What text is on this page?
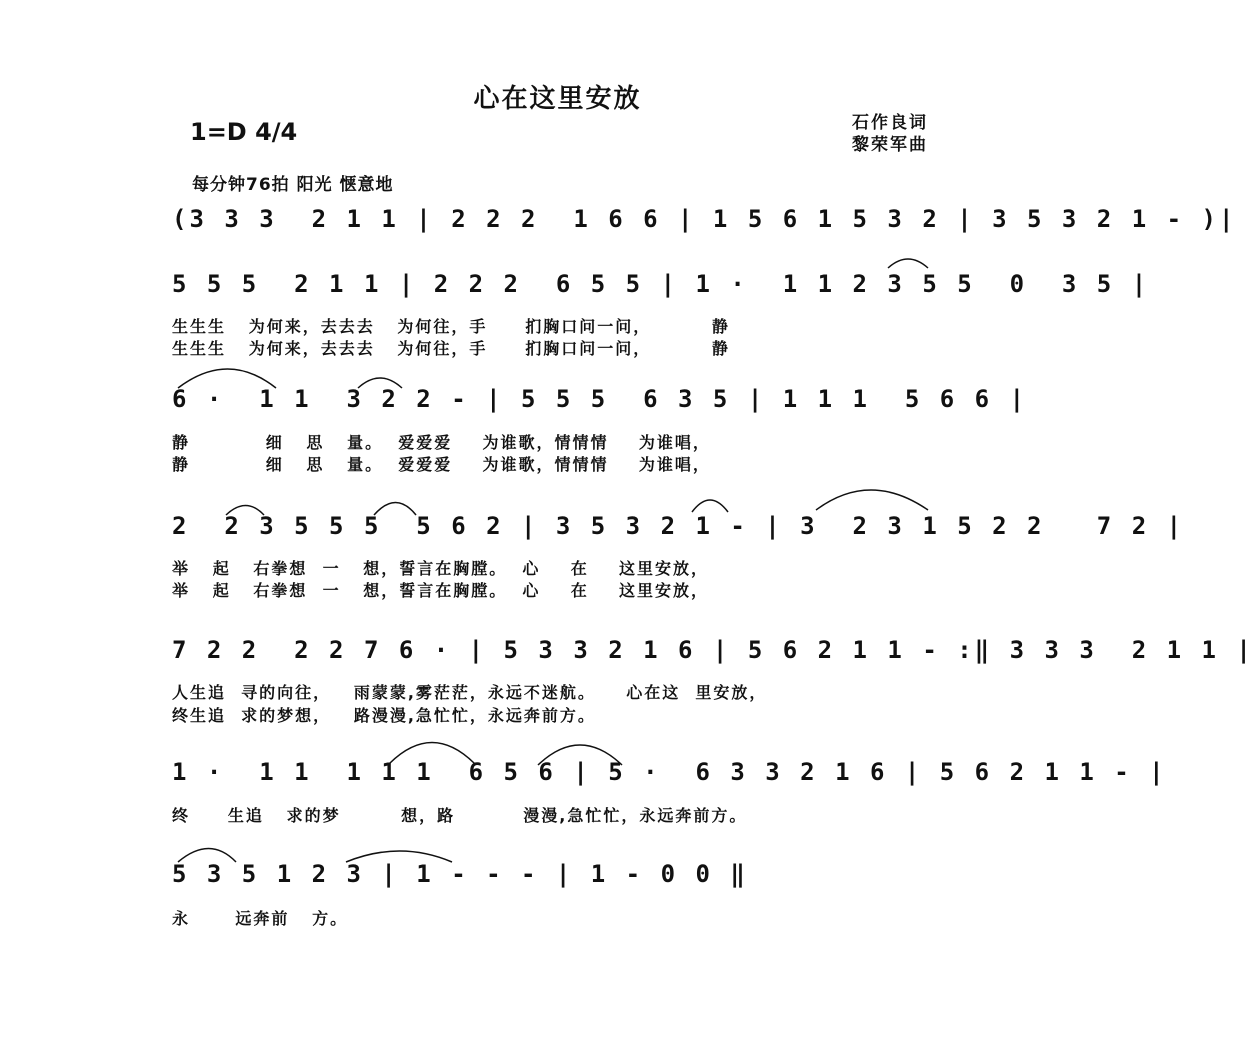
心在这里安放
1=D 4/4	石作良词
黎荣军曲
每分钟76拍 阳光 惬意地
(3 3 3  2 1 1 | 2 2 2  1 6 6 | 1 5 6 1 5 3 2 | 3 5 3 2 1 - )|
5 5 5  2 1 1 | 2 2 2  6 5 5 | 1 ·  1 1 2 3 5 5  0  3 5 |
生生生   为何来，去去去   为何往，手     扪胸口问一问，        静
生生生   为何来，去去去   为何往，手     扪胸口问一问，        静
6 ·  1 1  3 2 2 - | 5 5 5  6 3 5 | 1 1 1  5 6 6 |
静          细   思   量。  爱爱爱    为谁歌，情情情    为谁唱，
静          细   思   量。  爱爱爱    为谁歌，情情情    为谁唱，
2  2 3 5 5 5  5 6 2 | 3 5 3 2 1 - | 3  2 3 1 5 2 2   7 2 |
举   起   右拳想  一   想，誓言在胸膛。  心    在    这里安放，
举   起   右拳想  一   想，誓言在胸膛。  心    在    这里安放，
7 2 2  2 2 7 6 · | 5 3 3 2 1 6 | 5 6 2 1 1 - :‖ 3 3 3  2 1 1 |
人生追  寻的向往，   雨蒙蒙,雾茫茫，永远不迷航。    心在这  里安放，
终生追  求的梦想，   路漫漫,急忙忙，永远奔前方。
1 ·  1 1  1 1 1  6 5 6 | 5 ·  6 3 3 2 1 6 | 5 6 2 1 1 - |
终     生追   求的梦        想，路         漫漫,急忙忙，永远奔前方。
5 3 5 1 2 3 | 1 - - - | 1 - 0 0 ‖
永      远奔前   方。
